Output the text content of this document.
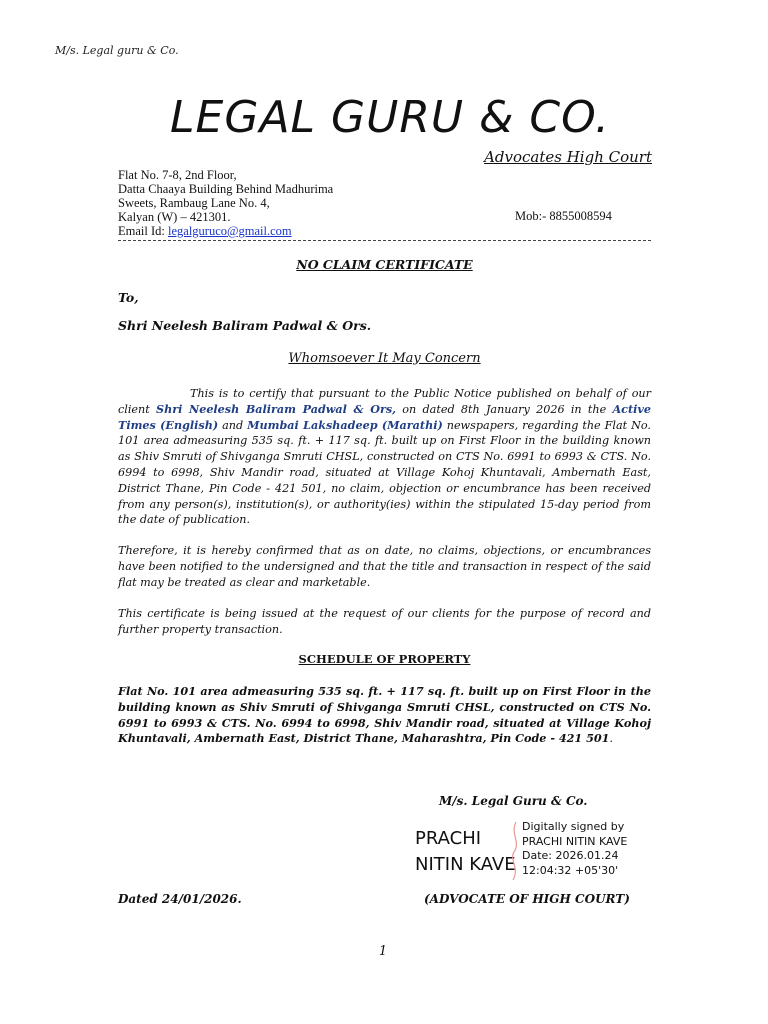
M/s. Legal guru & Co.
LEGAL GURU & CO.
Advocates High Court
Flat No. 7-8, 2nd Floor,
Datta Chaaya Building Behind Madhurima
Sweets, Rambaug Lane No. 4,
Kalyan (W) – 421301.	Mob:- 8855008594
Email Id: legalguruco@gmail.com
NO CLAIM CERTIFICATE
To,
Shri Neelesh Baliram Padwal & Ors.
Whomsoever It May Concern

This is to certify that pursuant to the Public Notice published on behalf of our client Shri Neelesh Baliram Padwal & Ors, on dated 8th January 2026 in the Active Times (English) and Mumbai Lakshadeep (Marathi) newspapers, regarding the Flat No. 101 area admeasuring 535 sq. ft. + 117 sq. ft. built up on First Floor in the building known as Shiv Smruti of Shivganga Smruti CHSL, constructed on CTS No. 6991 to 6993 & CTS. No. 6994 to 6998, Shiv Mandir road, situated at Village Kohoj Khuntavali, Ambernath East, District Thane, Pin Code - 421 501, no claim, objection or encumbrance has been received from any person(s), institution(s), or authority(ies) within the stipulated 15-day period from the date of publication.

Therefore, it is hereby confirmed that as on date, no claims, objections, or encumbrances have been notified to the undersigned and that the title and transaction in respect of the said flat may be treated as clear and marketable.

This certificate is being issued at the request of our clients for the purpose of record and further property transaction.

SCHEDULE OF PROPERTY
Flat No. 101 area admeasuring 535 sq. ft. + 117 sq. ft. built up on First Floor in the building known as Shiv Smruti of Shivganga Smruti CHSL, constructed on CTS No. 6991 to 6993 & CTS. No. 6994 to 6998, Shiv Mandir road, situated at Village Kohoj Khuntavali, Ambernath East, District Thane, Maharashtra, Pin Code - 421 501.
M/s. Legal Guru & Co.
PRACHI
NITIN KAVE
Digitally signed by
PRACHI NITIN KAVE
Date: 2026.01.24
12:04:32 +05'30'
Dated 24/01/2026.	(ADVOCATE OF HIGH COURT)
1
